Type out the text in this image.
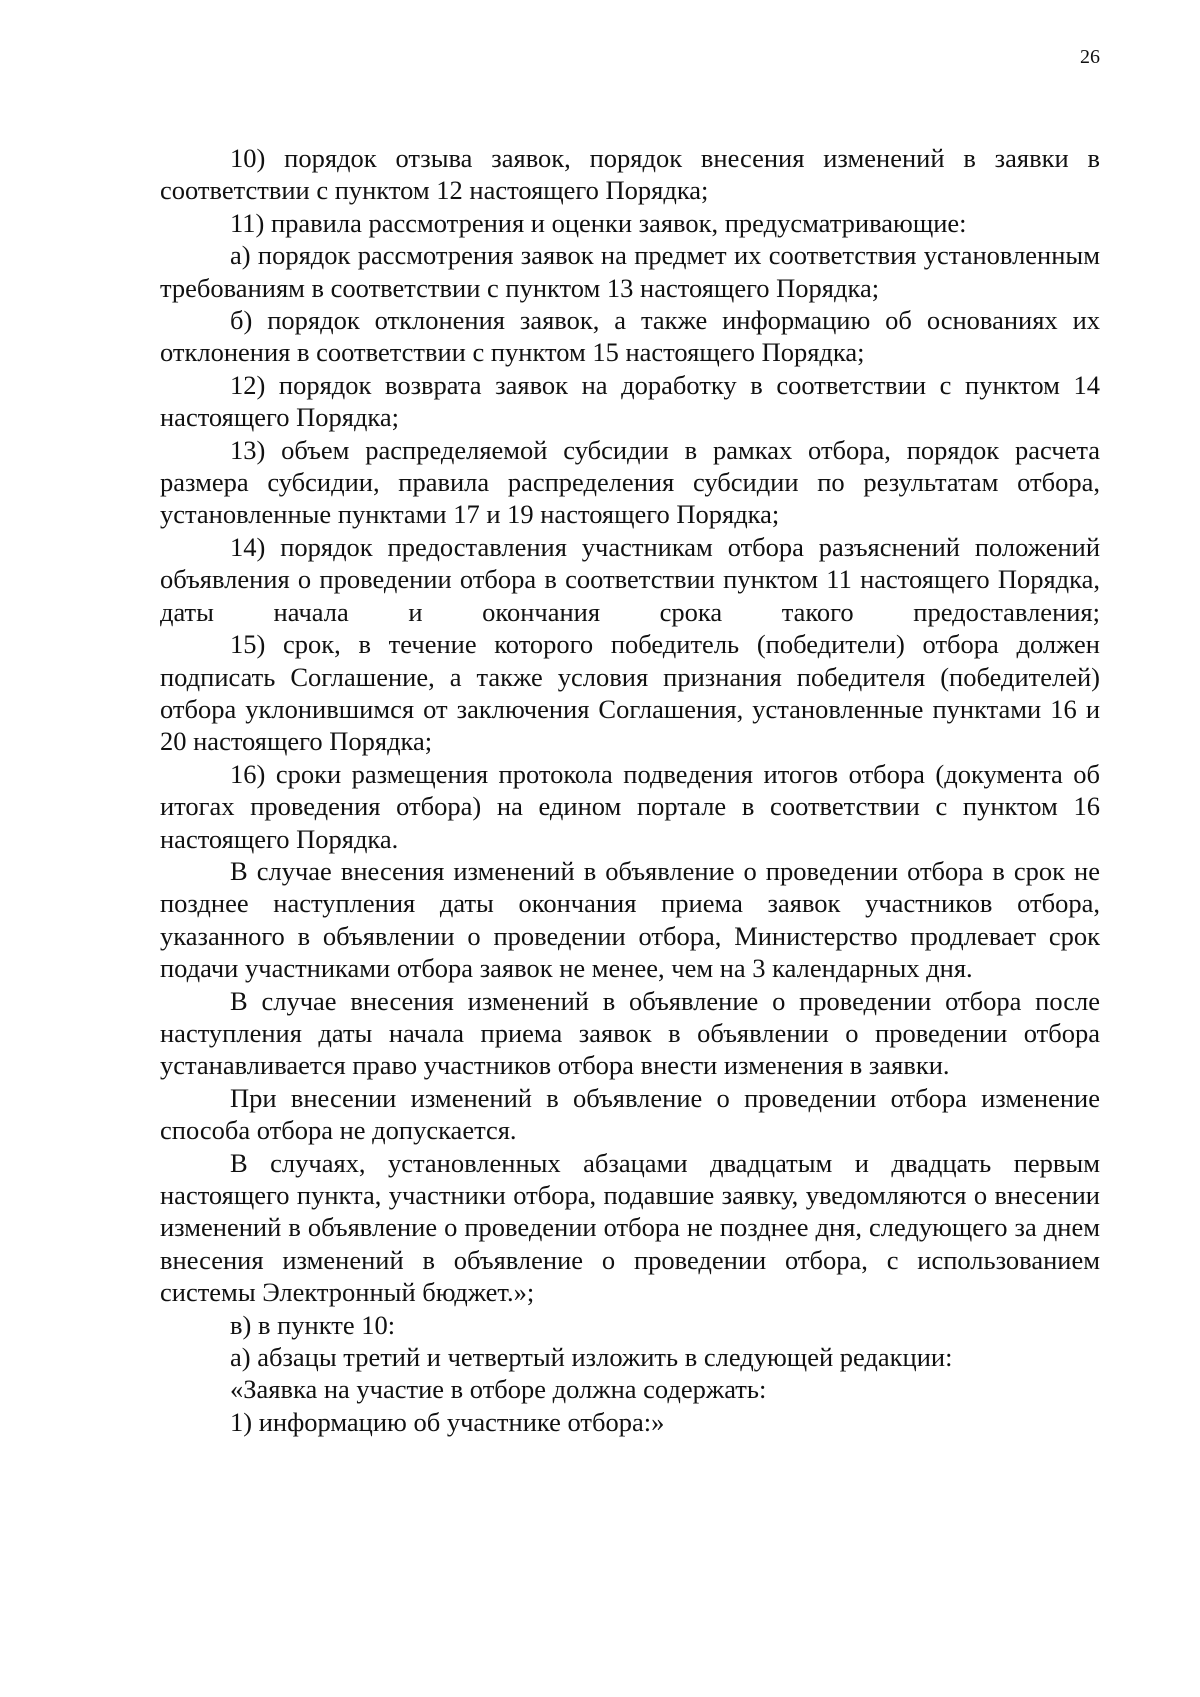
26

10) порядок отзыва заявок, порядок внесения изменений в заявки в соответствии с пунктом 12 настоящего Порядка;

11) правила рассмотрения и оценки заявок, предусматривающие:

а) порядок рассмотрения заявок на предмет их соответствия установленным требованиям в соответствии с пунктом 13 настоящего Порядка;

б) порядок отклонения заявок, а также информацию об основаниях их отклонения в соответствии с пунктом 15 настоящего Порядка;

12) порядок возврата заявок на доработку в соответствии с пунктом 14 настоящего Порядка;

13) объем распределяемой субсидии в рамках отбора, порядок расчета размера субсидии, правила распределения субсидии по результатам отбора, установленные пунктами 17 и 19 настоящего Порядка;

14) порядок предоставления участникам отбора разъяснений положений объявления о проведении отбора в соответствии пунктом 11 настоящего Порядка, даты начала и окончания срока такого предоставления;

15) срок, в течение которого победитель (победители) отбора должен подписать Соглашение, а также условия признания победителя (победителей) отбора уклонившимся от заключения Соглашения, установленные пунктами 16 и 20 настоящего Порядка;

16) сроки размещения протокола подведения итогов отбора (документа об итогах проведения отбора) на едином портале в соответствии с пунктом 16 настоящего Порядка.

В случае внесения изменений в объявление о проведении отбора в срок не позднее наступления даты окончания приема заявок участников отбора, указанного в объявлении о проведении отбора, Министерство продлевает срок подачи участниками отбора заявок не менее, чем на 3 календарных дня.

В случае внесения изменений в объявление о проведении отбора после наступления даты начала приема заявок в объявлении о проведении отбора устанавливается право участников отбора внести изменения в заявки.

При внесении изменений в объявление о проведении отбора изменение способа отбора не допускается.

В случаях, установленных абзацами двадцатым и двадцать первым настоящего пункта, участники отбора, подавшие заявку, уведомляются о внесении изменений в объявление о проведении отбора не позднее дня, следующего за днем внесения изменений в объявление о проведении отбора, с использованием системы Электронный бюджет.»;

в) в пункте 10:

а) абзацы третий и четвертый изложить в следующей редакции:

«Заявка на участие в отборе должна содержать:

1) информацию об участнике отбора:»
